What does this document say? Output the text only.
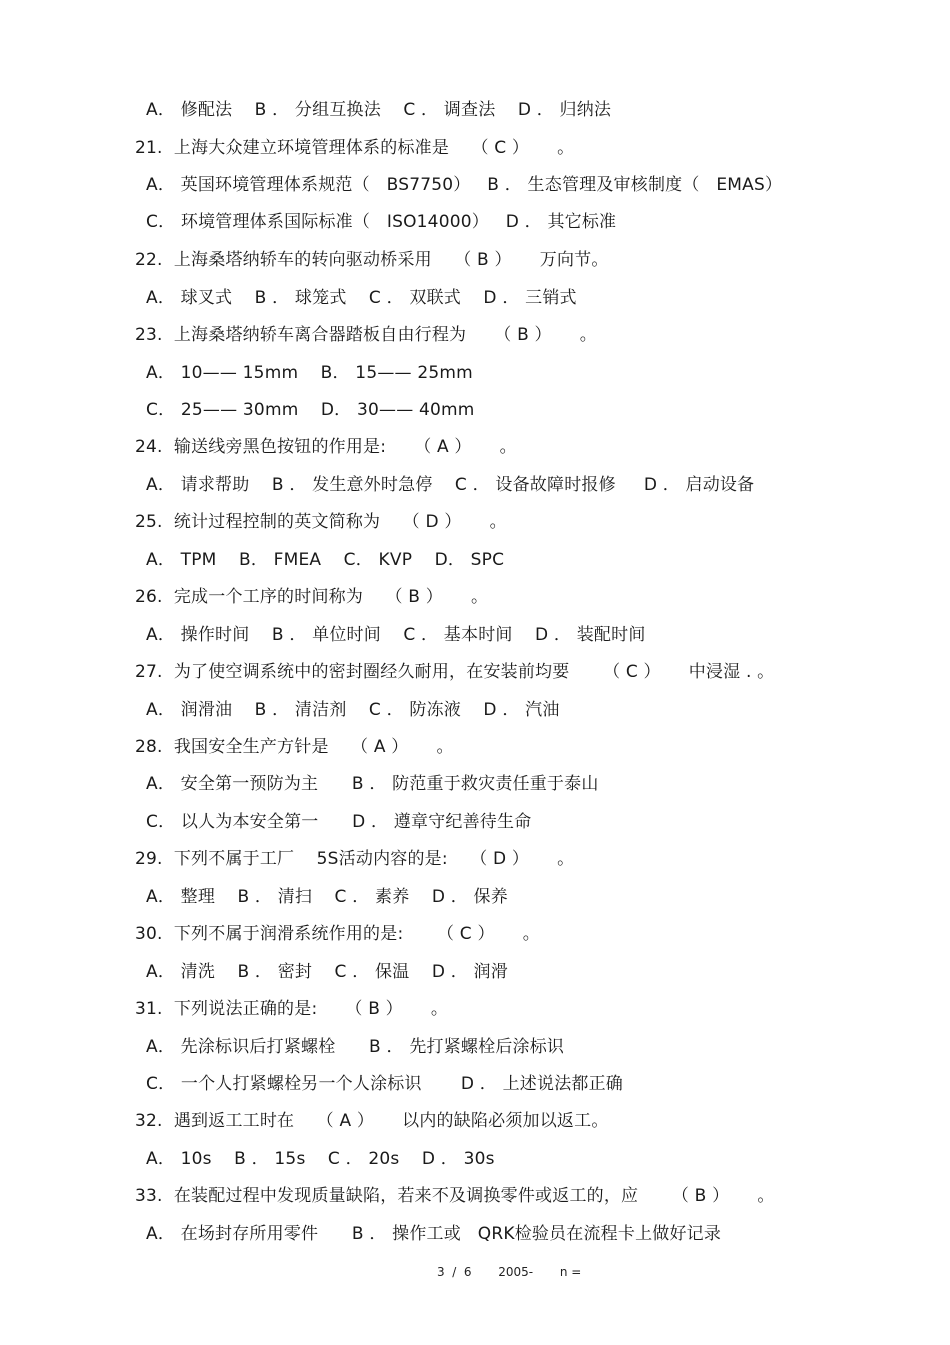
A． 修配法    B ． 分组互换法    C ． 调查法    D ． 归纳法
21.  上海大众建立环境管理体系的标准是    （ C ）     。
A． 英国环境管理体系规范（   BS7750）   B ． 生态管理及审核制度（   EMAS）
C． 环境管理体系国际标准（   ISO14000）   D ． 其它标准
22.  上海桑塔纳轿车的转向驱动桥采用    （ B ）     万向节。
A． 球叉式    B ． 球笼式    C ． 双联式    D ． 三销式
23.  上海桑塔纳轿车离合器踏板自由行程为     （ B ）     。
A． 10—— 15mm    B． 15—— 25mm
C． 25—— 30mm    D． 30—— 40mm
24.  输送线旁黑色按钮的作用是:     （ A ）     。
A． 请求帮助    B ． 发生意外时急停    C ． 设备故障时报修     D ． 启动设备
25.  统计过程控制的英文简称为    （ D ）     。
A． TPM    B． FMEA    C． KVP    D． SPC
26.  完成一个工序的时间称为    （ B ）     。
A． 操作时间    B ． 单位时间    C ． 基本时间    D ． 装配时间
27.  为了使空调系统中的密封圈经久耐用，在安装前均要      （ C ）     中浸湿 . 。
A． 润滑油    B ． 清洁剂    C ． 防冻液    D ． 汽油
28.  我国安全生产方针是    （ A ）     。
A． 安全第一预防为主      B ． 防范重于救灾责任重于泰山
C． 以人为本安全第一      D ． 遵章守纪善待生命
29.  下列不属于工厂    5S活动内容的是:    （ D ）     。
A． 整理    B ． 清扫    C ． 素养    D ． 保养
30.  下列不属于润滑系统作用的是:      （ C ）     。
A． 清洗    B ． 密封    C ． 保温    D ． 润滑
31.  下列说法正确的是:     （ B ）     。
A． 先涂标识后打紧螺栓      B ． 先打紧螺栓后涂标识
C． 一个人打紧螺栓另一个人涂标识       D ． 上述说法都正确
32.  遇到返工工时在    （ A ）     以内的缺陷必须加以返工。
A． 10s    B ． 15s    C ． 20s    D ． 30s
33.  在装配过程中发现质量缺陷，若来不及调换零件或返工的，应      （ B ）     。
A． 在场封存所用零件      B ． 操作工或   QRK检验员在流程卡上做好记录
3  /  6       2005-       n =
